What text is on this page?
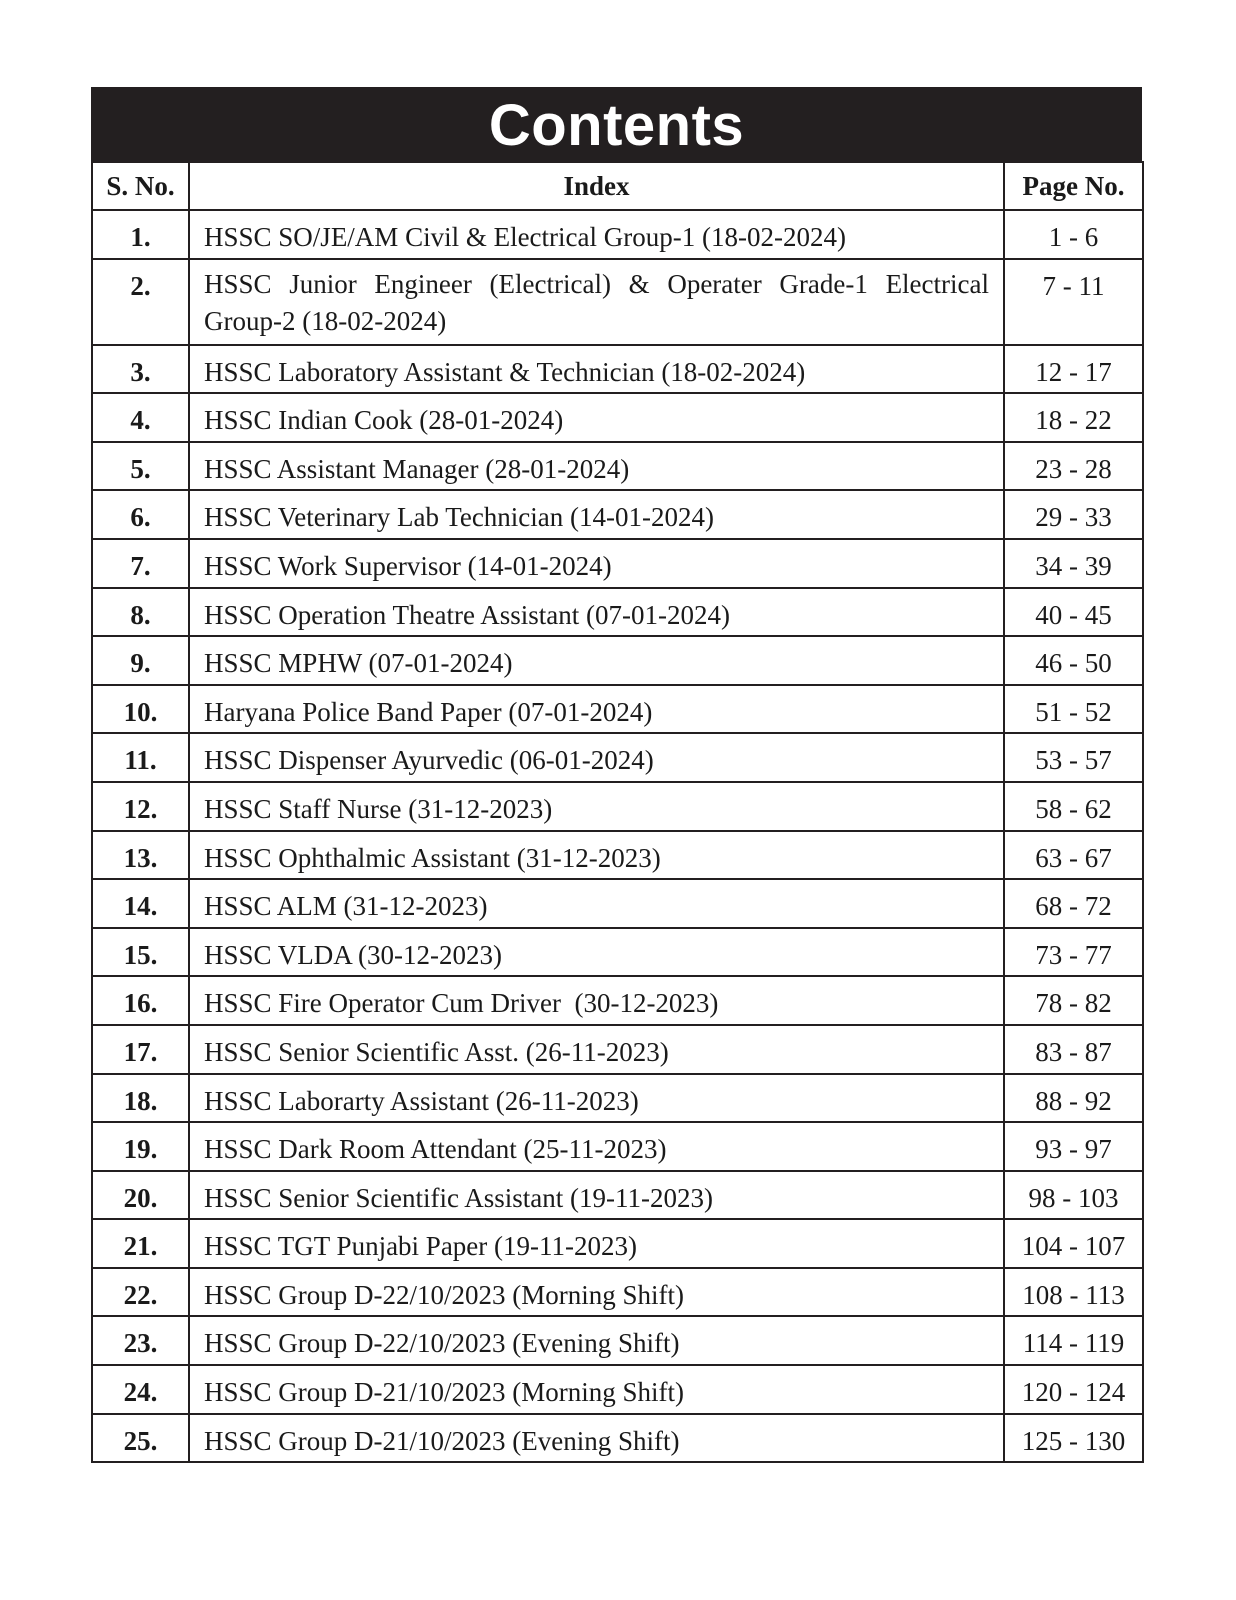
Contents
S. No.	Index	Page No.
1.	HSSC SO/JE/AM Civil & Electrical Group-1 (18-02-2024)	1 - 6
2.	HSSC Junior Engineer (Electrical) & Operater Grade-1 Electrical Group-2 (18-02-2024)	7 - 11
3.	HSSC Laboratory Assistant & Technician (18-02-2024)	12 - 17
4.	HSSC Indian Cook (28-01-2024)	18 - 22
5.	HSSC Assistant Manager (28-01-2024)	23 - 28
6.	HSSC Veterinary Lab Technician (14-01-2024)	29 - 33
7.	HSSC Work Supervisor (14-01-2024)	34 - 39
8.	HSSC Operation Theatre Assistant (07-01-2024)	40 - 45
9.	HSSC MPHW (07-01-2024)	46 - 50
10.	Haryana Police Band Paper (07-01-2024)	51 - 52
11.	HSSC Dispenser Ayurvedic (06-01-2024)	53 - 57
12.	HSSC Staff Nurse (31-12-2023)	58 - 62
13.	HSSC Ophthalmic Assistant (31-12-2023)	63 - 67
14.	HSSC ALM (31-12-2023)	68 - 72
15.	HSSC VLDA (30-12-2023)	73 - 77
16.	HSSC Fire Operator Cum Driver  (30-12-2023)	78 - 82
17.	HSSC Senior Scientific Asst. (26-11-2023)	83 - 87
18.	HSSC Laborarty Assistant (26-11-2023)	88 - 92
19.	HSSC Dark Room Attendant (25-11-2023)	93 - 97
20.	HSSC Senior Scientific Assistant (19-11-2023)	98 - 103
21.	HSSC TGT Punjabi Paper (19-11-2023)	104 - 107
22.	HSSC Group D-22/10/2023 (Morning Shift)	108 - 113
23.	HSSC Group D-22/10/2023 (Evening Shift)	114 - 119
24.	HSSC Group D-21/10/2023 (Morning Shift)	120 - 124
25.	HSSC Group D-21/10/2023 (Evening Shift)	125 - 130
